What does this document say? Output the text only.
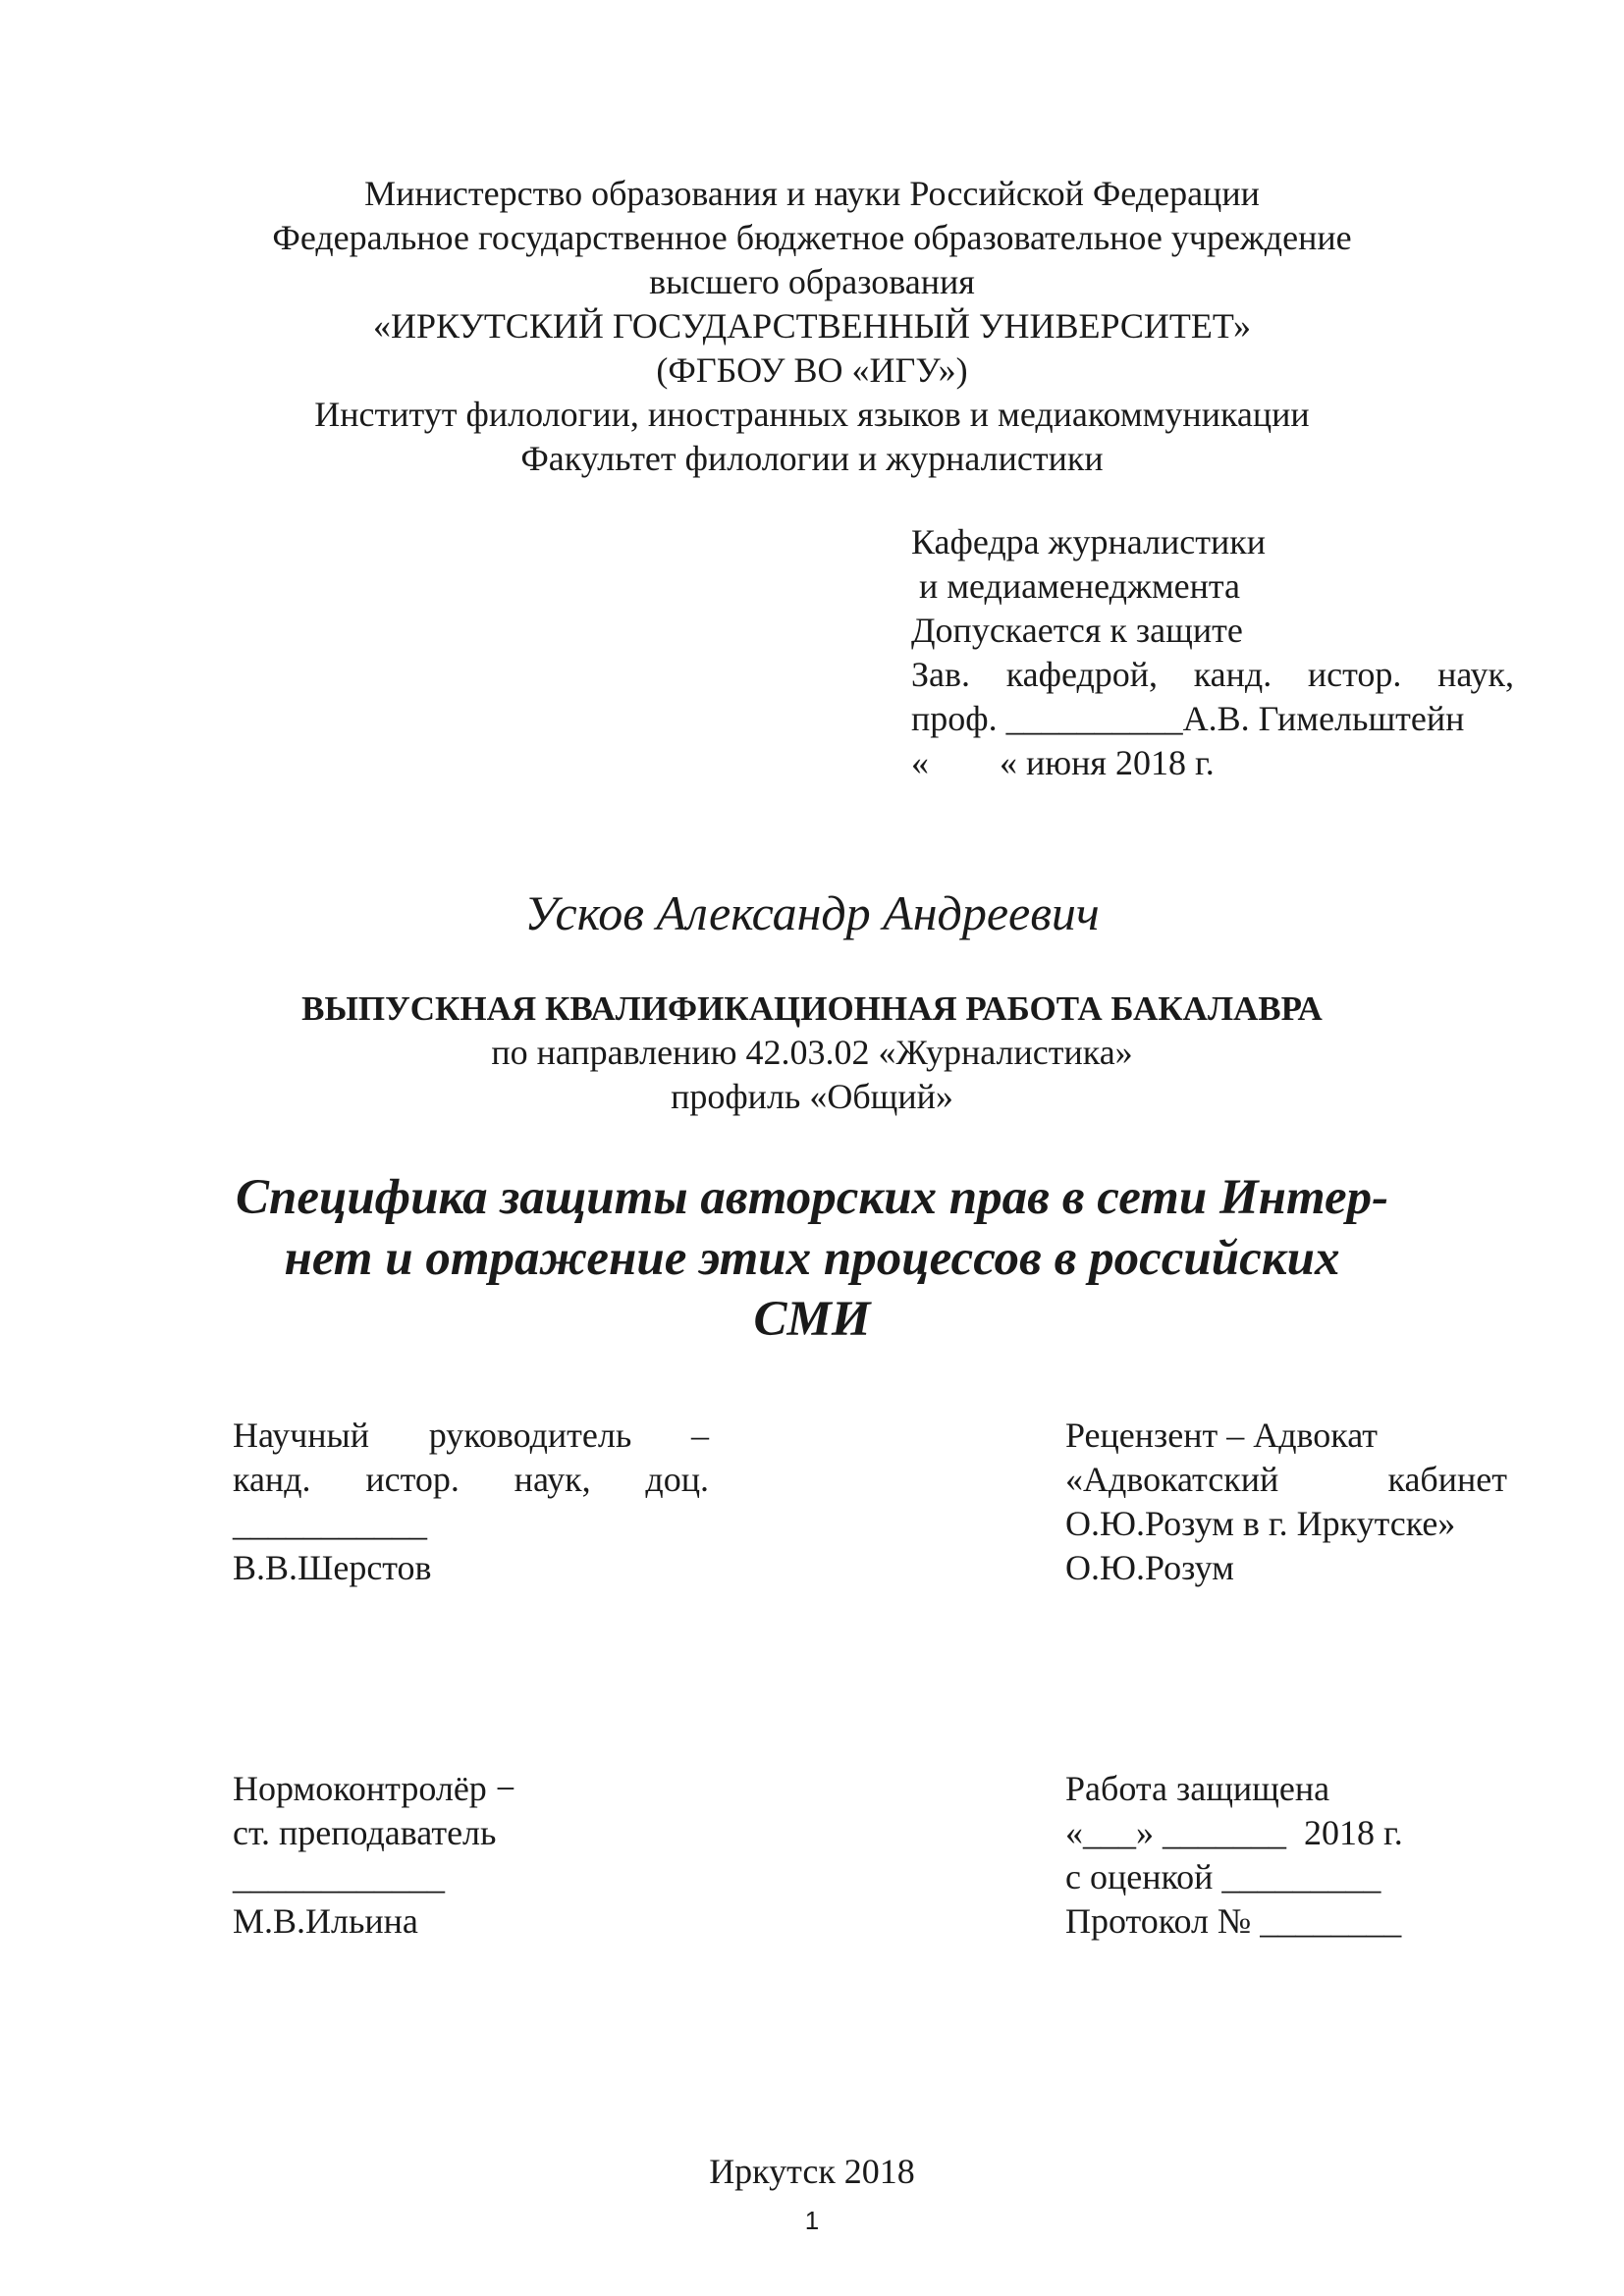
Министерство образования и науки Российской Федерации
Федеральное государственное бюджетное образовательное учреждение
высшего образования
«ИРКУТСКИЙ ГОСУДАРСТВЕННЫЙ УНИВЕРСИТЕТ»
(ФГБОУ ВО «ИГУ»)
Институт филологии, иностранных языков и медиакоммуникации
Факультет филологии и журналистики
Кафедра журналистики
и медиаменеджмента
Допускается к защите
Зав. кафедрой, канд. истор. наук,
проф. __________А.В. Гимельштейн
«        « июня 2018 г.
Усков Александр Андреевич
ВЫПУСКНАЯ КВАЛИФИКАЦИОННАЯ РАБОТА БАКАЛАВРА
по направлению 42.03.02 «Журналистика»
профиль «Общий»
Специфика защиты авторских прав в сети Интер-
нет и отражение этих процессов в российских
СМИ
Научный руководитель –
канд. истор. наук, доц.
___________
В.В.Шерстов
Рецензент – Адвокат
«Адвокатский кабинет
О.Ю.Розум в г. Иркутске»
О.Ю.Розум
Нормоконтролёр −
ст. преподаватель
____________
М.В.Ильина
Работа защищена
«___» _______  2018 г.
с оценкой _________
Протокол № ________
Иркутск 2018
1
